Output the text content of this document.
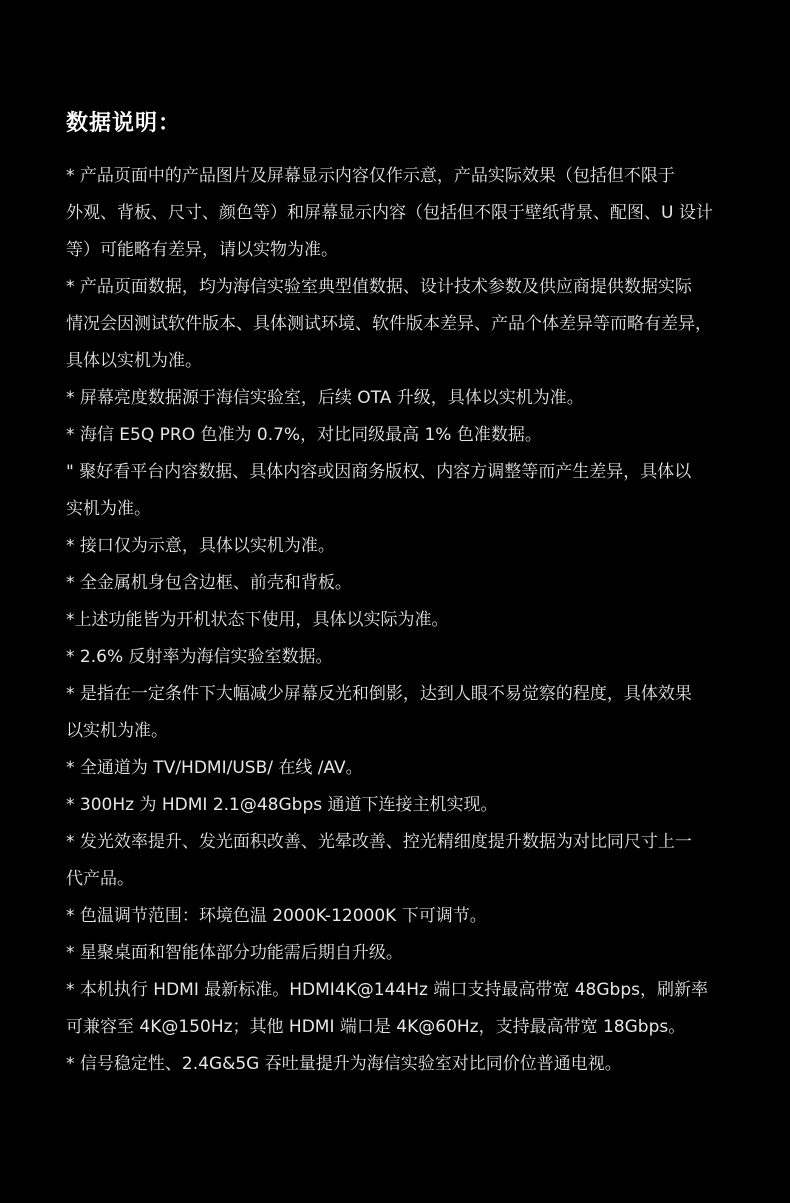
数据说明：
* 产品页面中的产品图片及屏幕显示内容仅作示意，产品实际效果（包括但不限于
外观、背板、尺寸、颜色等）和屏幕显示内容（包括但不限于壁纸背景、配图、U 设计
等）可能略有差异，请以实物为准。
* 产品页面数据，均为海信实验室典型值数据、设计技术参数及供应商提供数据实际
情况会因测试软件版本、具体测试环境、软件版本差异、产品个体差异等而略有差异，
具体以实机为准。
* 屏幕亮度数据源于海信实验室，后续 OTA 升级，具体以实机为准。
* 海信 E5Q PRO 色准为 0.7%，对比同级最高 1% 色准数据。
" 聚好看平台内容数据、具体内容或因商务版权、内容方调整等而产生差异，具体以
实机为准。
* 接口仅为示意，具体以实机为准。
* 全金属机身包含边框、前壳和背板。
*上述功能皆为开机状态下使用，具体以实际为准。
* 2.6% 反射率为海信实验室数据。
* 是指在一定条件下大幅减少屏幕反光和倒影，达到人眼不易觉察的程度，具体效果
以实机为准。
* 全通道为 TV/HDMI/USB/ 在线 /AV。
* 300Hz 为 HDMI 2.1@48Gbps 通道下连接主机实现。
* 发光效率提升、发光面积改善、光晕改善、控光精细度提升数据为对比同尺寸上一
代产品。
* 色温调节范围：环境色温 2000K-12000K 下可调节。
* 星聚桌面和智能体部分功能需后期自升级。
* 本机执行 HDMI 最新标准。HDMI4K@144Hz 端口支持最高带宽 48Gbps，刷新率
可兼容至 4K@150Hz；其他 HDMI 端口是 4K@60Hz，支持最高带宽 18Gbps。
* 信号稳定性、2.4G&5G 吞吐量提升为海信实验室对比同价位普通电视。
